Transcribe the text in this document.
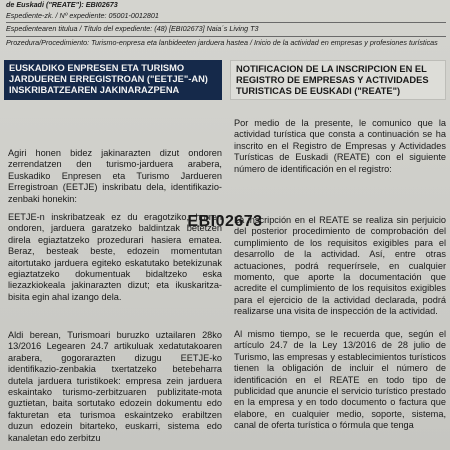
de Euskadi ("REATE"): EBI02673
Espediente-zk. / Nº expediente: 05001-0012801
Espedientearen titulua / Título del expediente: (48) [EBI02673] Naia´s Living T3
Prozedura/Procedimiento: Turismo-enpresa eta lanbideeten jarduera hastea / Inicio de la actividad en empresas y profesiones turísticas
EUSKADIKO ENPRESEN ETA TURISMO JARDUEREN ERREGISTROAN ("EETJE"-AN) INSKRIBATZEAREN JAKINARAZPENA

Agiri honen bidez jakinarazten dizut ondoren zerrendatzen den turismo-jarduera arabera, Euskadiko Enpresen eta Turismo Jardueren Erregistroan (EETJE) inskribatu dela, identifikazio-zenbaki honekin:

EETJE-n inskribatzeak ez du eragotziko, horren ondoren, jarduera garatzeko baldintzak betetzen direla egiaztatzeko prozedurari hasiera ematea. Beraz, besteak beste, edozein momentutan aitortutako jarduera egiteko eskatutako betekizunak egiaztatzeko dokumentuak bidaltzeko eska liezazkiokeala jakinarazten dizut; eta ikuskaritza-bisita egin ahal izango dela.

Aldi berean, Turismoari buruzko uztailaren 28ko 13/2016 Legearen 24.7 artikuluak xedatutakoaren arabera, gogorarazten dizugu EETJE-ko identifikazio-zenbakia txertatzeko betebeharra dutela jarduera turistikoek: empresa zein jarduera eskaintako turismo-zerbitzuaren publizitate-mota guztietan, baita sortutako edozein dokumentu edo fakturetan eta turismoa eskaintzeko erabiltzen duzun edozein bitarteko, euskarri, sistema edo kanaletan edo zerbitzu

NOTIFICACION DE LA INSCRIPCION EN EL REGISTRO DE EMPRESAS Y ACTIVIDADES TURISTICAS DE EUSKADI ("REATE")

Por medio de la presente, le comunico que la actividad turística que consta a continuación se ha inscrito en el Registro de Empresas y Actividades Turísticas de Euskadi (REATE) con el siguiente número de identificación en el registro:

La inscripción en el REATE se realiza sin perjuicio del posterior procedimiento de comprobación del cumplimiento de los requisitos exigibles para el desarrollo de la actividad. Así, entre otras actuaciones, podrá requerírsele, en cualquier momento, que aporte la documentación que acredite el cumplimiento de los requisitos exigibles para el ejercicio de la actividad declarada, podrá realizarse una visita de inspección de la actividad.

Al mismo tiempo, se le recuerda que, según el artículo 24.7 de la Ley 13/2016 de 28 julio de Turismo, las empresas y establecimientos turísticos tienen la obligación de incluir el número de identificación en el REATE en todo tipo de publicidad que anuncie el servicio turístico prestado en la empresa y en todo documento o factura que elabore, en cualquier medio, soporte, sistema, canal de oferta turística o fórmula que tenga

EBI02673
